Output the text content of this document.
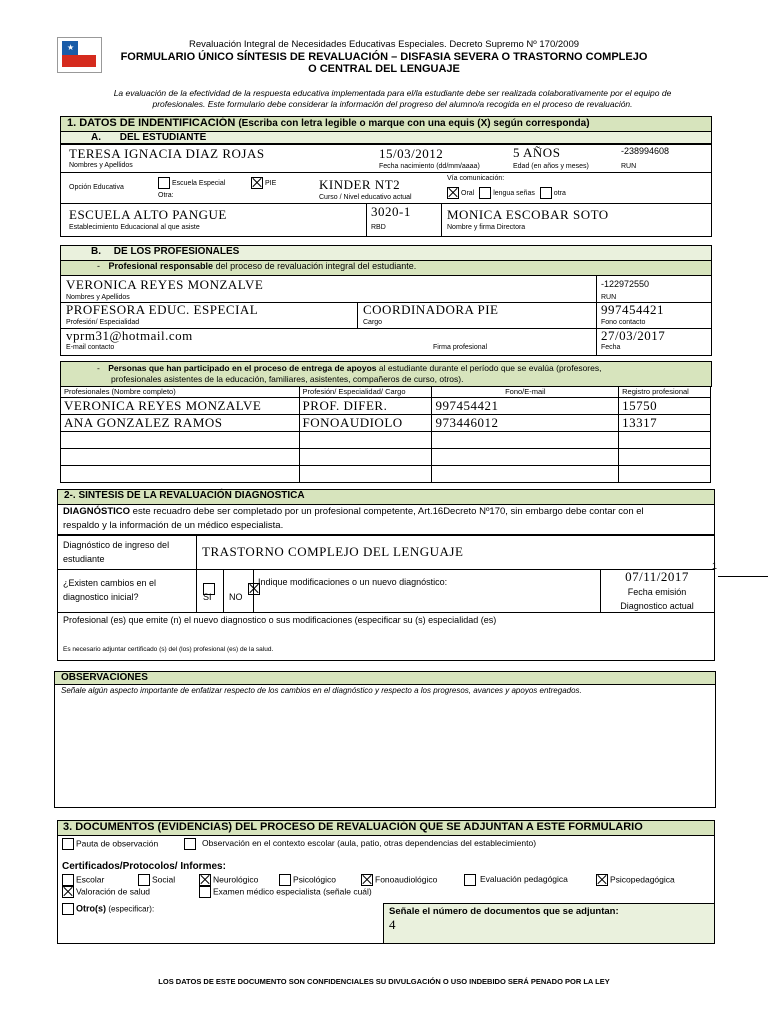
★	Revaluación Integral de Necesidades Educativas Especiales. Decreto Supremo Nº 170/2009
FORMULARIO ÚNICO SÍNTESIS DE REVALUACIÓN – DISFASIA SEVERA O TRASTORNO COMPLEJO
O CENTRAL DEL LENGUAJE
La evaluación de la efectividad de la respuesta educativa implementada para el/la estudiante debe ser realizada colaborativamente por el equipo de
profesionales. Este formulario debe considerar la información del progreso del alumno/a recogida en el proceso de revaluación.
1. DATOS DE INDENTIFICACIÓN (Escriba con letra legible o marque con una equis (X) según corresponda)
A. DEL ESTUDIANTE
TERESA IGNACIA DIAZ ROJAS
Nombres y Apellidos
15/03/2012
Fecha nacimiento (dd/mm/aaaa)
5 AÑOS
Edad (en años y meses)
-238994608
RUN
Opción Educativa
Escuela Especial	PIE
Otra:
KINDER NT2
Curso / Nivel educativo actual
Vía comunicación:
Oral	lengua señas	otra
ESCUELA ALTO PANGUE
Establecimiento Educacional al que asiste
3020-1
RBD
MONICA ESCOBAR SOTO
Nombre y firma Directora
B. DE LOS PROFESIONALES
- Profesional responsable del proceso de revaluación integral del estudiante.
VERONICA REYES MONZALVE
Nombres y Apellidos
-122972550
RUN
PROFESORA EDUC. ESPECIAL
Profesión/ Especialidad
COORDINADORA PIE
Cargo
997454421
Fono contacto
vprm31@hotmail.com
E-mail contacto	Firma profesional
27/03/2017
Fecha
- Personas que han participado en el proceso de entrega de apoyos al estudiante durante el período que se evalúa (profesores,
profesionales asistentes de la educación, familiares, asistentes, compañeros de curso, otros).
Profesionales (Nombre completo)	Profesión/ Especialidad/ Cargo	Fono/E-mail	Registro profesional
VERONICA REYES MONZALVE	PROF. DIFER.	997454421	15750
ANA GONZALEZ RAMOS	FONOAUDIOLO	973446012	13317

2-. SINTESIS DE LA REVALUACIÓN DIAGNOSTICA
DIAGNÓSTICO este recuadro debe ser completado por un profesional competente, Art.16Decreto Nº170, sin embargo debe contar con el
respaldo y la información de un médico especialista.
Diagnóstico de ingreso del estudiante	TRASTORNO COMPLEJO DEL LENGUAJE
¿Existen cambios en el diagnostico inicial?
	SI NO
Indique modificaciones o un nuevo diagnóstico:	07/11/2017
Fecha emisión
Diagnostico actual
Profesional (es) que emite (n) el nuevo diagnostico o sus modificaciones (especificar su (s) especialidad (es)
Es necesario adjuntar certificado (s) del (los) profesional (es) de la salud.
1
OBSERVACIONES
Señale algún aspecto importante de enfatizar respecto de los cambios en el diagnóstico y respecto a los progresos, avances y apoyos entregados.
3. DOCUMENTOS (EVIDENCIAS) DEL PROCESO DE REVALUACIÓN QUE SE ADJUNTAN A ESTE FORMULARIO
Pauta de observación	Observación en el contexto escolar (aula, patio, otras dependencias del establecimiento)
Certificados/Protocolos/ Informes:
Escolar	Social	Neurológico	Psicológico	Fonoaudiológico	Evaluación pedagógica	Psicopedagógica
Valoración de salud	Examen médico especialista (señale cuál)
Otro(s) (especificar):	Señale el número de documentos que se adjuntan:
4
LOS DATOS DE ESTE DOCUMENTO SON CONFIDENCIALES SU DIVULGACIÓN O USO INDEBIDO SERÁ PENADO POR LA LEY
